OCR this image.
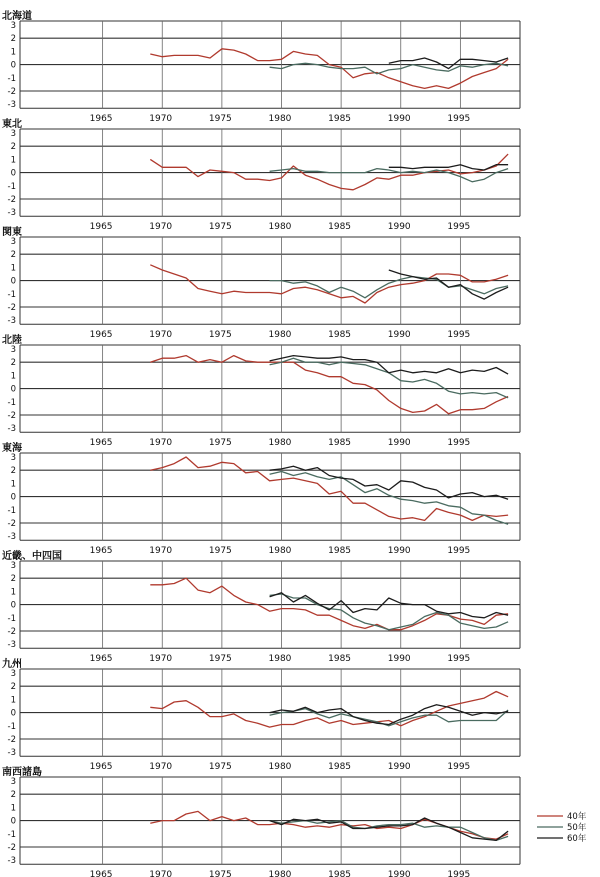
北海道
1965	1970	1975	1980	1985	1990	1995
3
2
1
0
-1
-2
-3
東北
1965	1970	1975	1980	1985	1990	1995
3
2
1
0
-1
-2
-3
関東
1965	1970	1975	1980	1985	1990	1995
3
2
1
0
-1
-2
-3
北陸
1965	1970	1975	1980	1985	1990	1995
3
2
1
0
-1
-2
-3
東海
1965	1970	1975	1980	1985	1990	1995
3
2
1
0
-1
-2
-3
近畿、中四国
1965	1970	1975	1980	1985	1990	1995
3
2
1
0
-1
-2
-3
九州
1965	1970	1975	1980	1985	1990	1995
3
2
1
0
-1
-2
-3
南西諸島
1965	1970	1975	1980	1985	1990	1995
3
2
1
0
-1
-2
-3
40年
50年
60年
